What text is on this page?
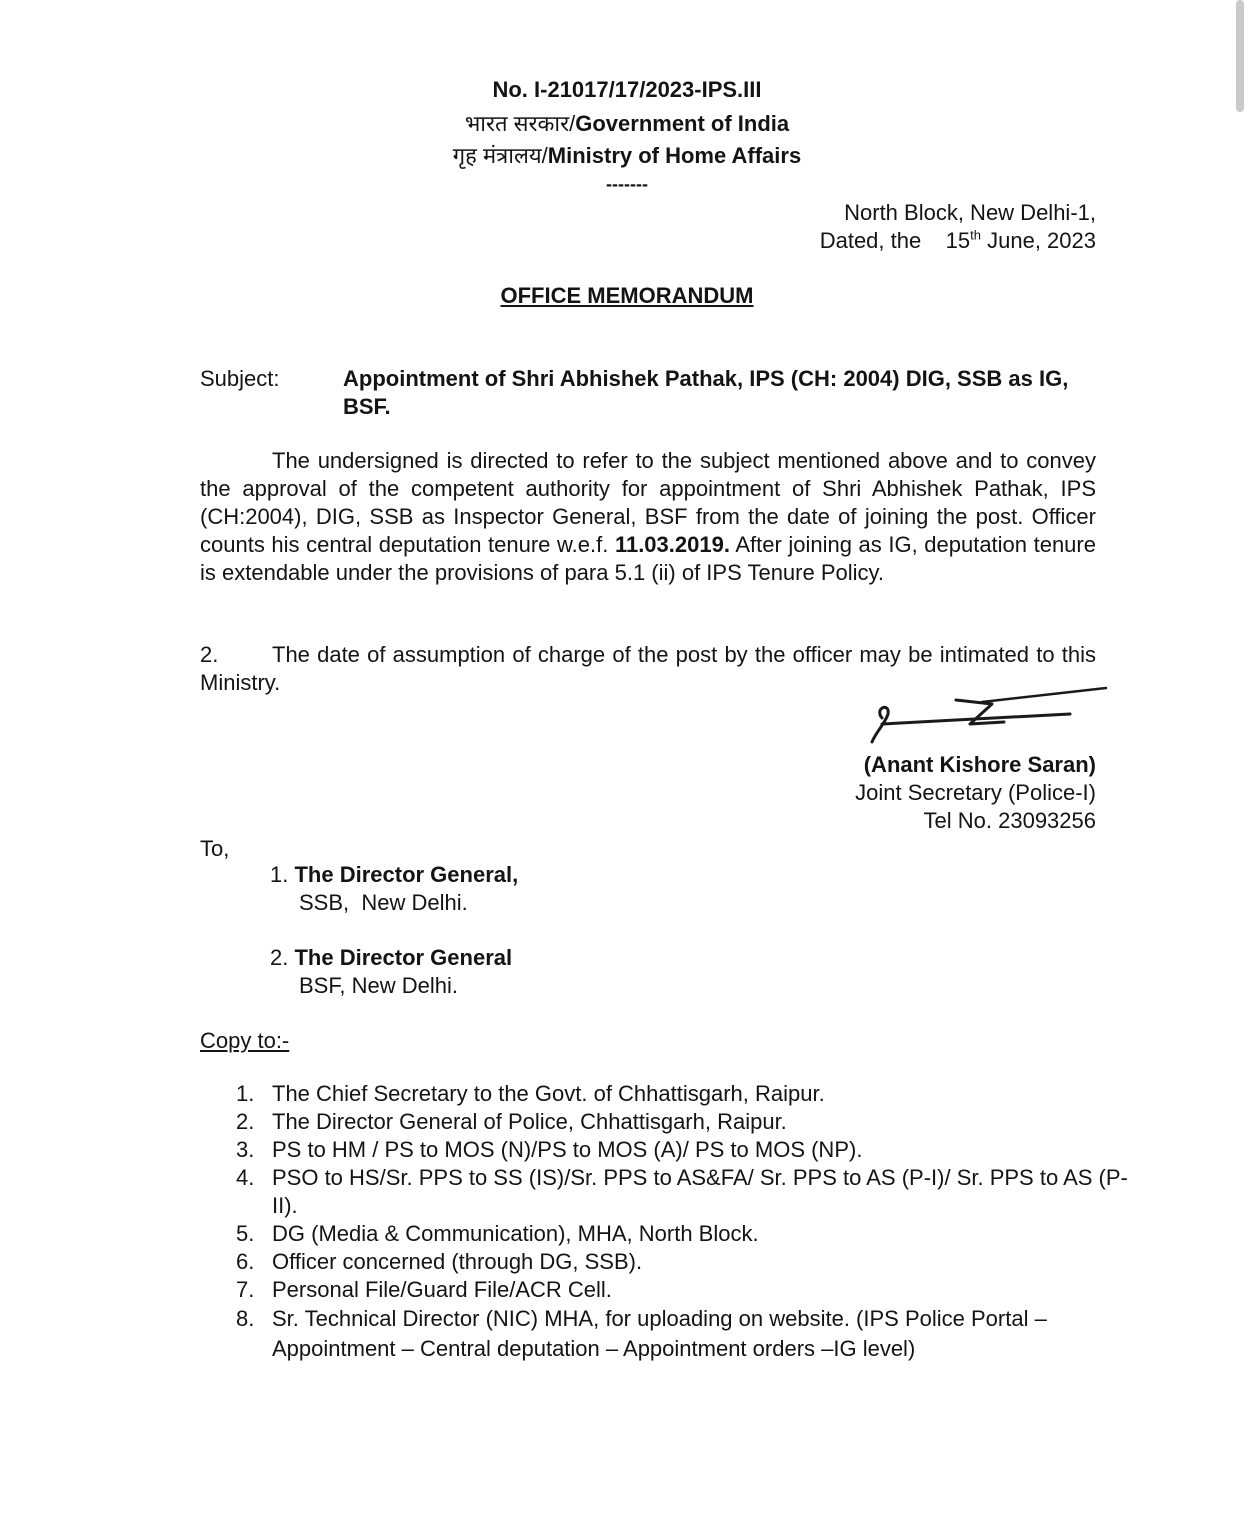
No. I-21017/17/2023-IPS.III
भारत सरकार/Government of India
गृह मंत्रालय/Ministry of Home Affairs
-------
North Block, New Delhi-1,
Dated, the 15th June, 2023
OFFICE MEMORANDUM
Subject:	Appointment of Shri Abhishek Pathak, IPS (CH: 2004) DIG, SSB as IG, BSF.
The undersigned is directed to refer to the subject mentioned above and to convey the approval of the competent authority for appointment of Shri Abhishek Pathak, IPS (CH:2004), DIG, SSB as Inspector General, BSF from the date of joining the post. Officer counts his central deputation tenure w.e.f. 11.03.2019. After joining as IG, deputation tenure is extendable under the provisions of para 5.1 (ii) of IPS Tenure Policy.
2. The date of assumption of charge of the post by the officer may be intimated to this Ministry.
(Anant Kishore Saran)
Joint Secretary (Police-I)
Tel No. 23093256
To,
1. The Director General,
SSB,  New Delhi.
2. The Director General
BSF, New Delhi.
Copy to:-
1. The Chief Secretary to the Govt. of Chhattisgarh, Raipur.
2. The Director General of Police, Chhattisgarh, Raipur.
3. PS to HM / PS to MOS (N)/PS to MOS (A)/ PS to MOS (NP).
4. PSO to HS/Sr. PPS to SS (IS)/Sr. PPS to AS&FA/ Sr. PPS to AS (P-I)/ Sr. PPS to AS (P-II).
5. DG (Media & Communication), MHA, North Block.
6. Officer concerned (through DG, SSB).
7. Personal File/Guard File/ACR Cell.
8. Sr. Technical Director (NIC) MHA, for uploading on website. (IPS Police Portal – Appointment – Central deputation – Appointment orders –IG level)
